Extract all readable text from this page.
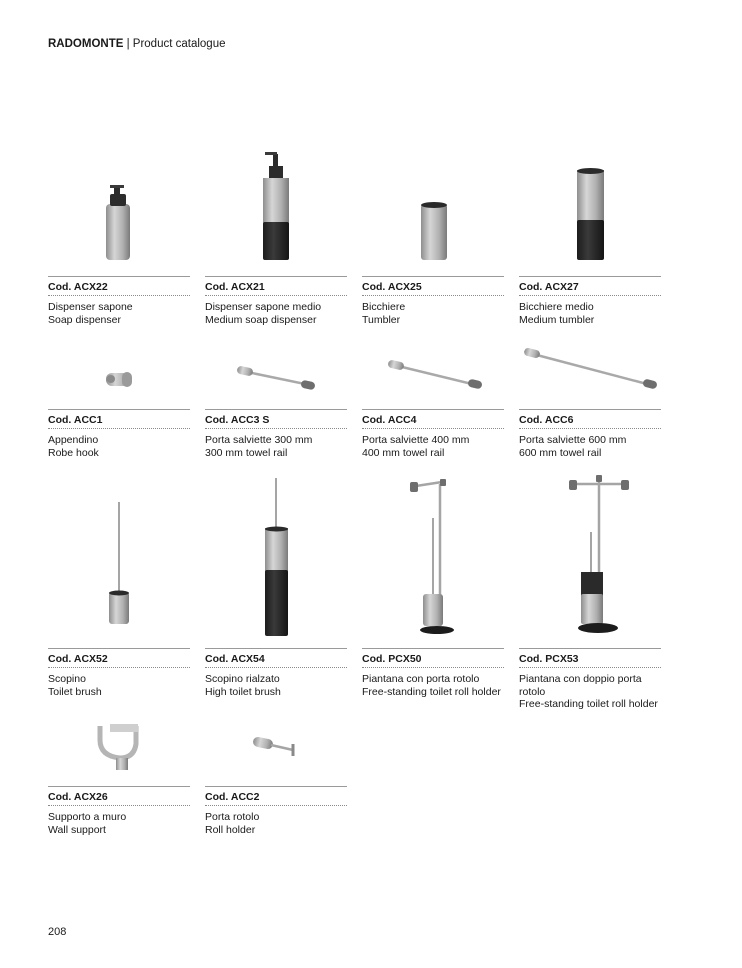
RADOMONTE | Product catalogue
Cod. ACX22
Dispenser sapone
Soap dispenser
Cod. ACX21
Dispenser sapone medio
Medium soap dispenser
Cod. ACX25
Bicchiere
Tumbler
Cod. ACX27
Bicchiere medio
Medium tumbler
Cod. ACC1
Appendino
Robe hook
Cod. ACC3 S
Porta salviette 300 mm
300 mm towel rail
Cod. ACC4
Porta salviette 400 mm
400 mm towel rail
Cod. ACC6
Porta salviette 600 mm
600 mm towel rail
Cod. ACX52
Scopino
Toilet brush
Cod. ACX54
Scopino rialzato
High toilet brush
Cod. PCX50
Piantana con porta rotolo
Free-standing toilet roll holder
Cod. PCX53
Piantana con doppio porta rotolo
Free-standing toilet roll holder
Cod. ACX26
Supporto a muro
Wall support
Cod. ACC2
Porta rotolo
Roll holder
208
